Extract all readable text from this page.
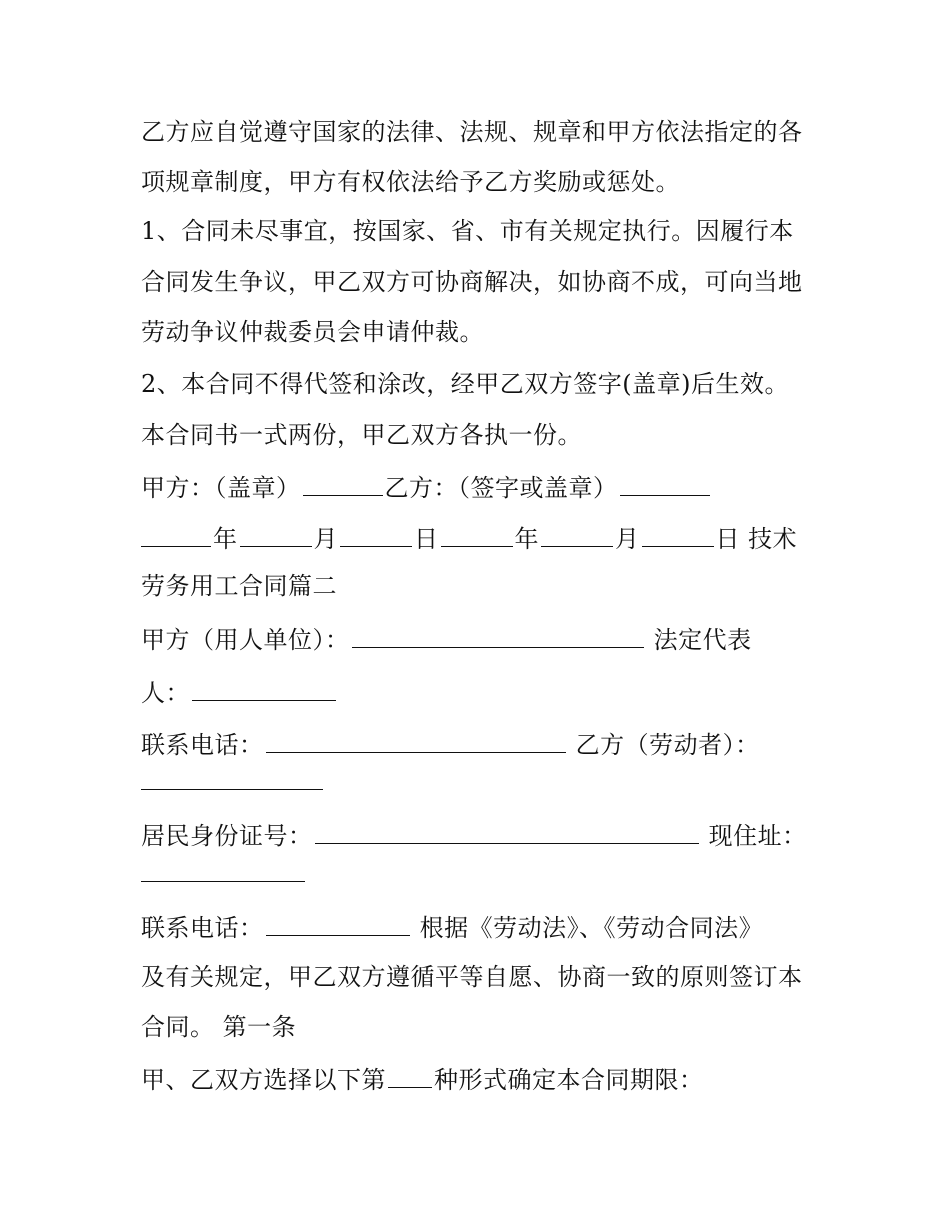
乙方应自觉遵守国家的法律、法规、规章和甲方依法指定的各
项规章制度，甲方有权依法给予乙方奖励或惩处。
1、合同未尽事宜，按国家、省、市有关规定执行。因履行本
合同发生争议，甲乙双方可协商解决，如协商不成，可向当地
劳动争议仲裁委员会申请仲裁。
2、本合同不得代签和涂改，经甲乙双方签字(盖章)后生效。
本合同书一式两份，甲乙双方各执一份。
甲方：（盖章）	乙方：（签字或盖章）
年	月	日	年	月	日 技术
劳务用工合同篇二
甲方（用人单位）：	法定代表
人：
联系电话：	乙方（劳动者）：
居民身份证号：	现住址：
联系电话：	根据《劳动法》、《劳动合同法》
及有关规定，甲乙双方遵循平等自愿、协商一致的原则签订本
合同。 第一条
甲、乙双方选择以下第 种形式确定本合同期限：
